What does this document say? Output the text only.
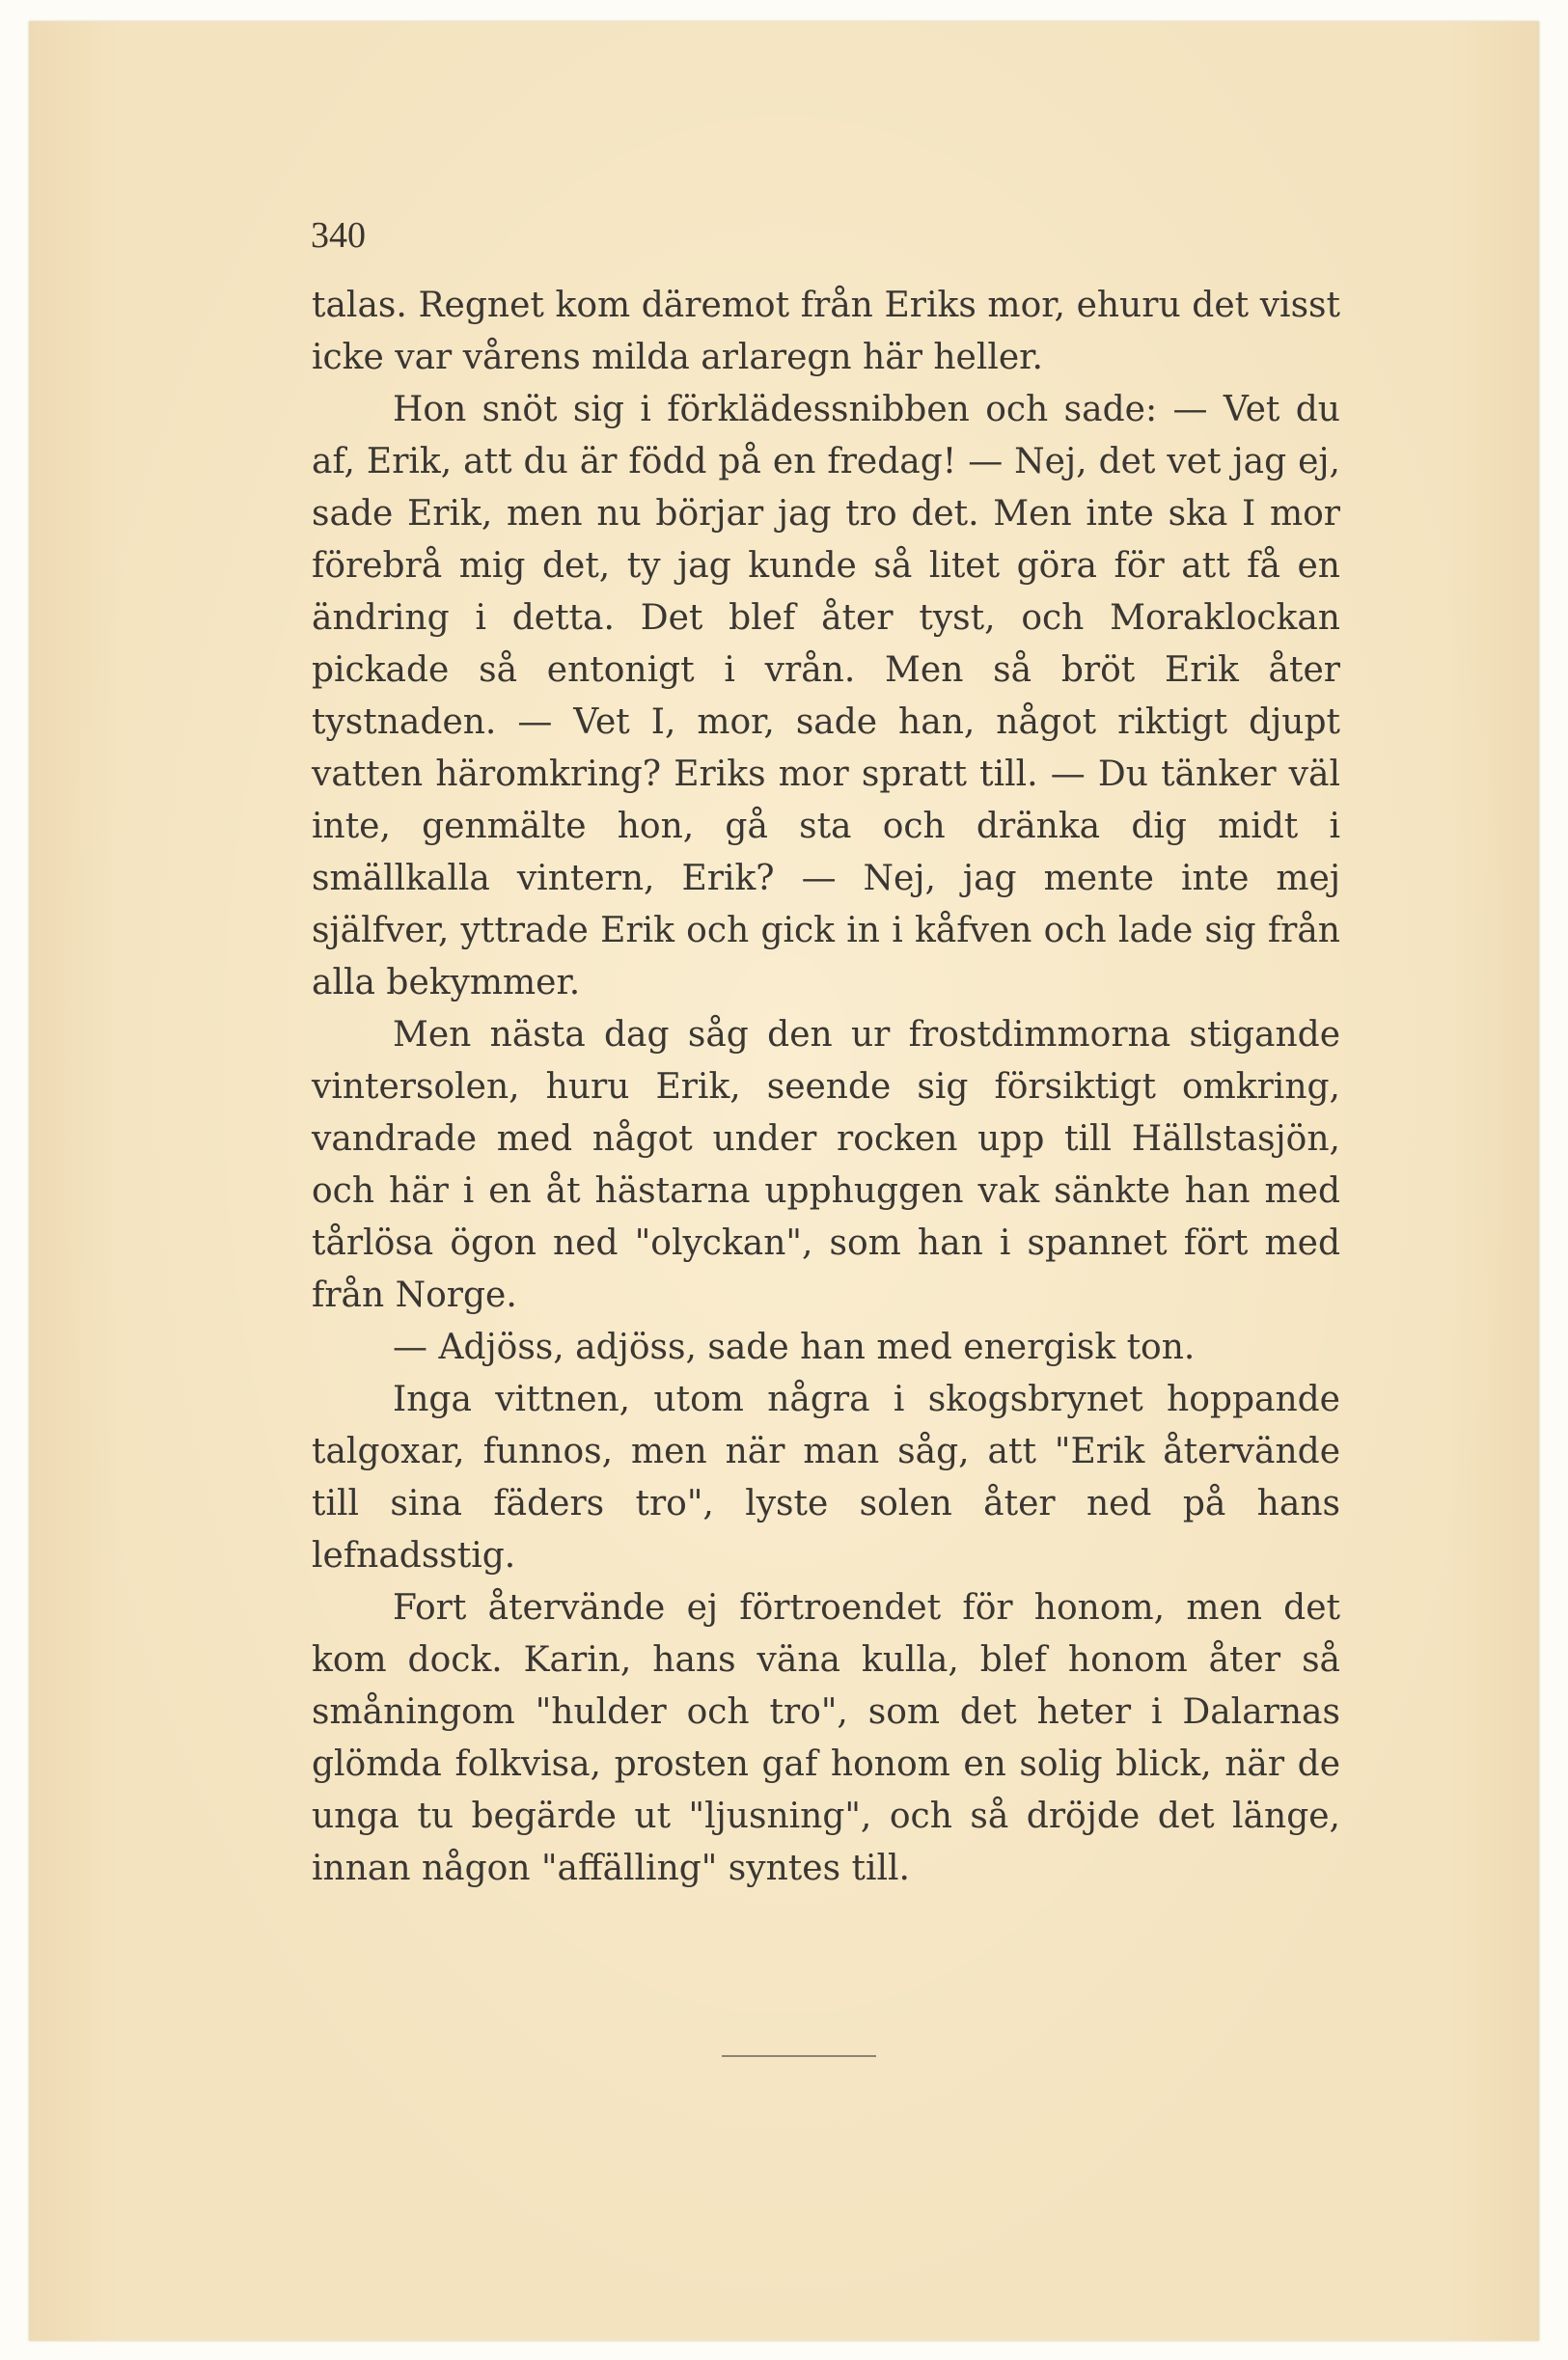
340

talas. Regnet kom däremot från Eriks mor, ehuru det visst icke var vårens milda arlaregn här heller.

Hon snöt sig i förklädessnibben och sade: — Vet du af, Erik, att du är född på en fredag! — Nej, det vet jag ej, sade Erik, men nu börjar jag tro det. Men inte ska I mor förebrå mig det, ty jag kunde så litet göra för att få en ändring i detta. Det blef åter tyst, och Moraklockan pickade så entonigt i vrån. Men så bröt Erik åter tystnaden. — Vet I, mor, sade han, något riktigt djupt vatten häromkring? Eriks mor spratt till. — Du tänker väl inte, genmälte hon, gå sta och dränka dig midt i smällkalla vintern, Erik? — Nej, jag mente inte mej själfver, yttrade Erik och gick in i kåfven och lade sig från alla bekymmer.

Men nästa dag såg den ur frostdimmorna stigande vintersolen, huru Erik, seende sig försiktigt omkring, vandrade med något under rocken upp till Hällstasjön, och här i en åt hästarna upphuggen vak sänkte han med tårlösa ögon ned "olyckan", som han i spannet fört med från Norge.

— Adjöss, adjöss, sade han med energisk ton.

Inga vittnen, utom några i skogsbrynet hoppande talgoxar, funnos, men när man såg, att "Erik återvände till sina fäders tro", lyste solen åter ned på hans lefnadsstig.

Fort återvände ej förtroendet för honom, men det kom dock. Karin, hans väna kulla, blef honom åter så småningom "hulder och tro", som det heter i Dalarnas glömda folkvisa, prosten gaf honom en solig blick, när de unga tu begärde ut "ljusning", och så dröjde det länge, innan någon "affälling" syntes till.
